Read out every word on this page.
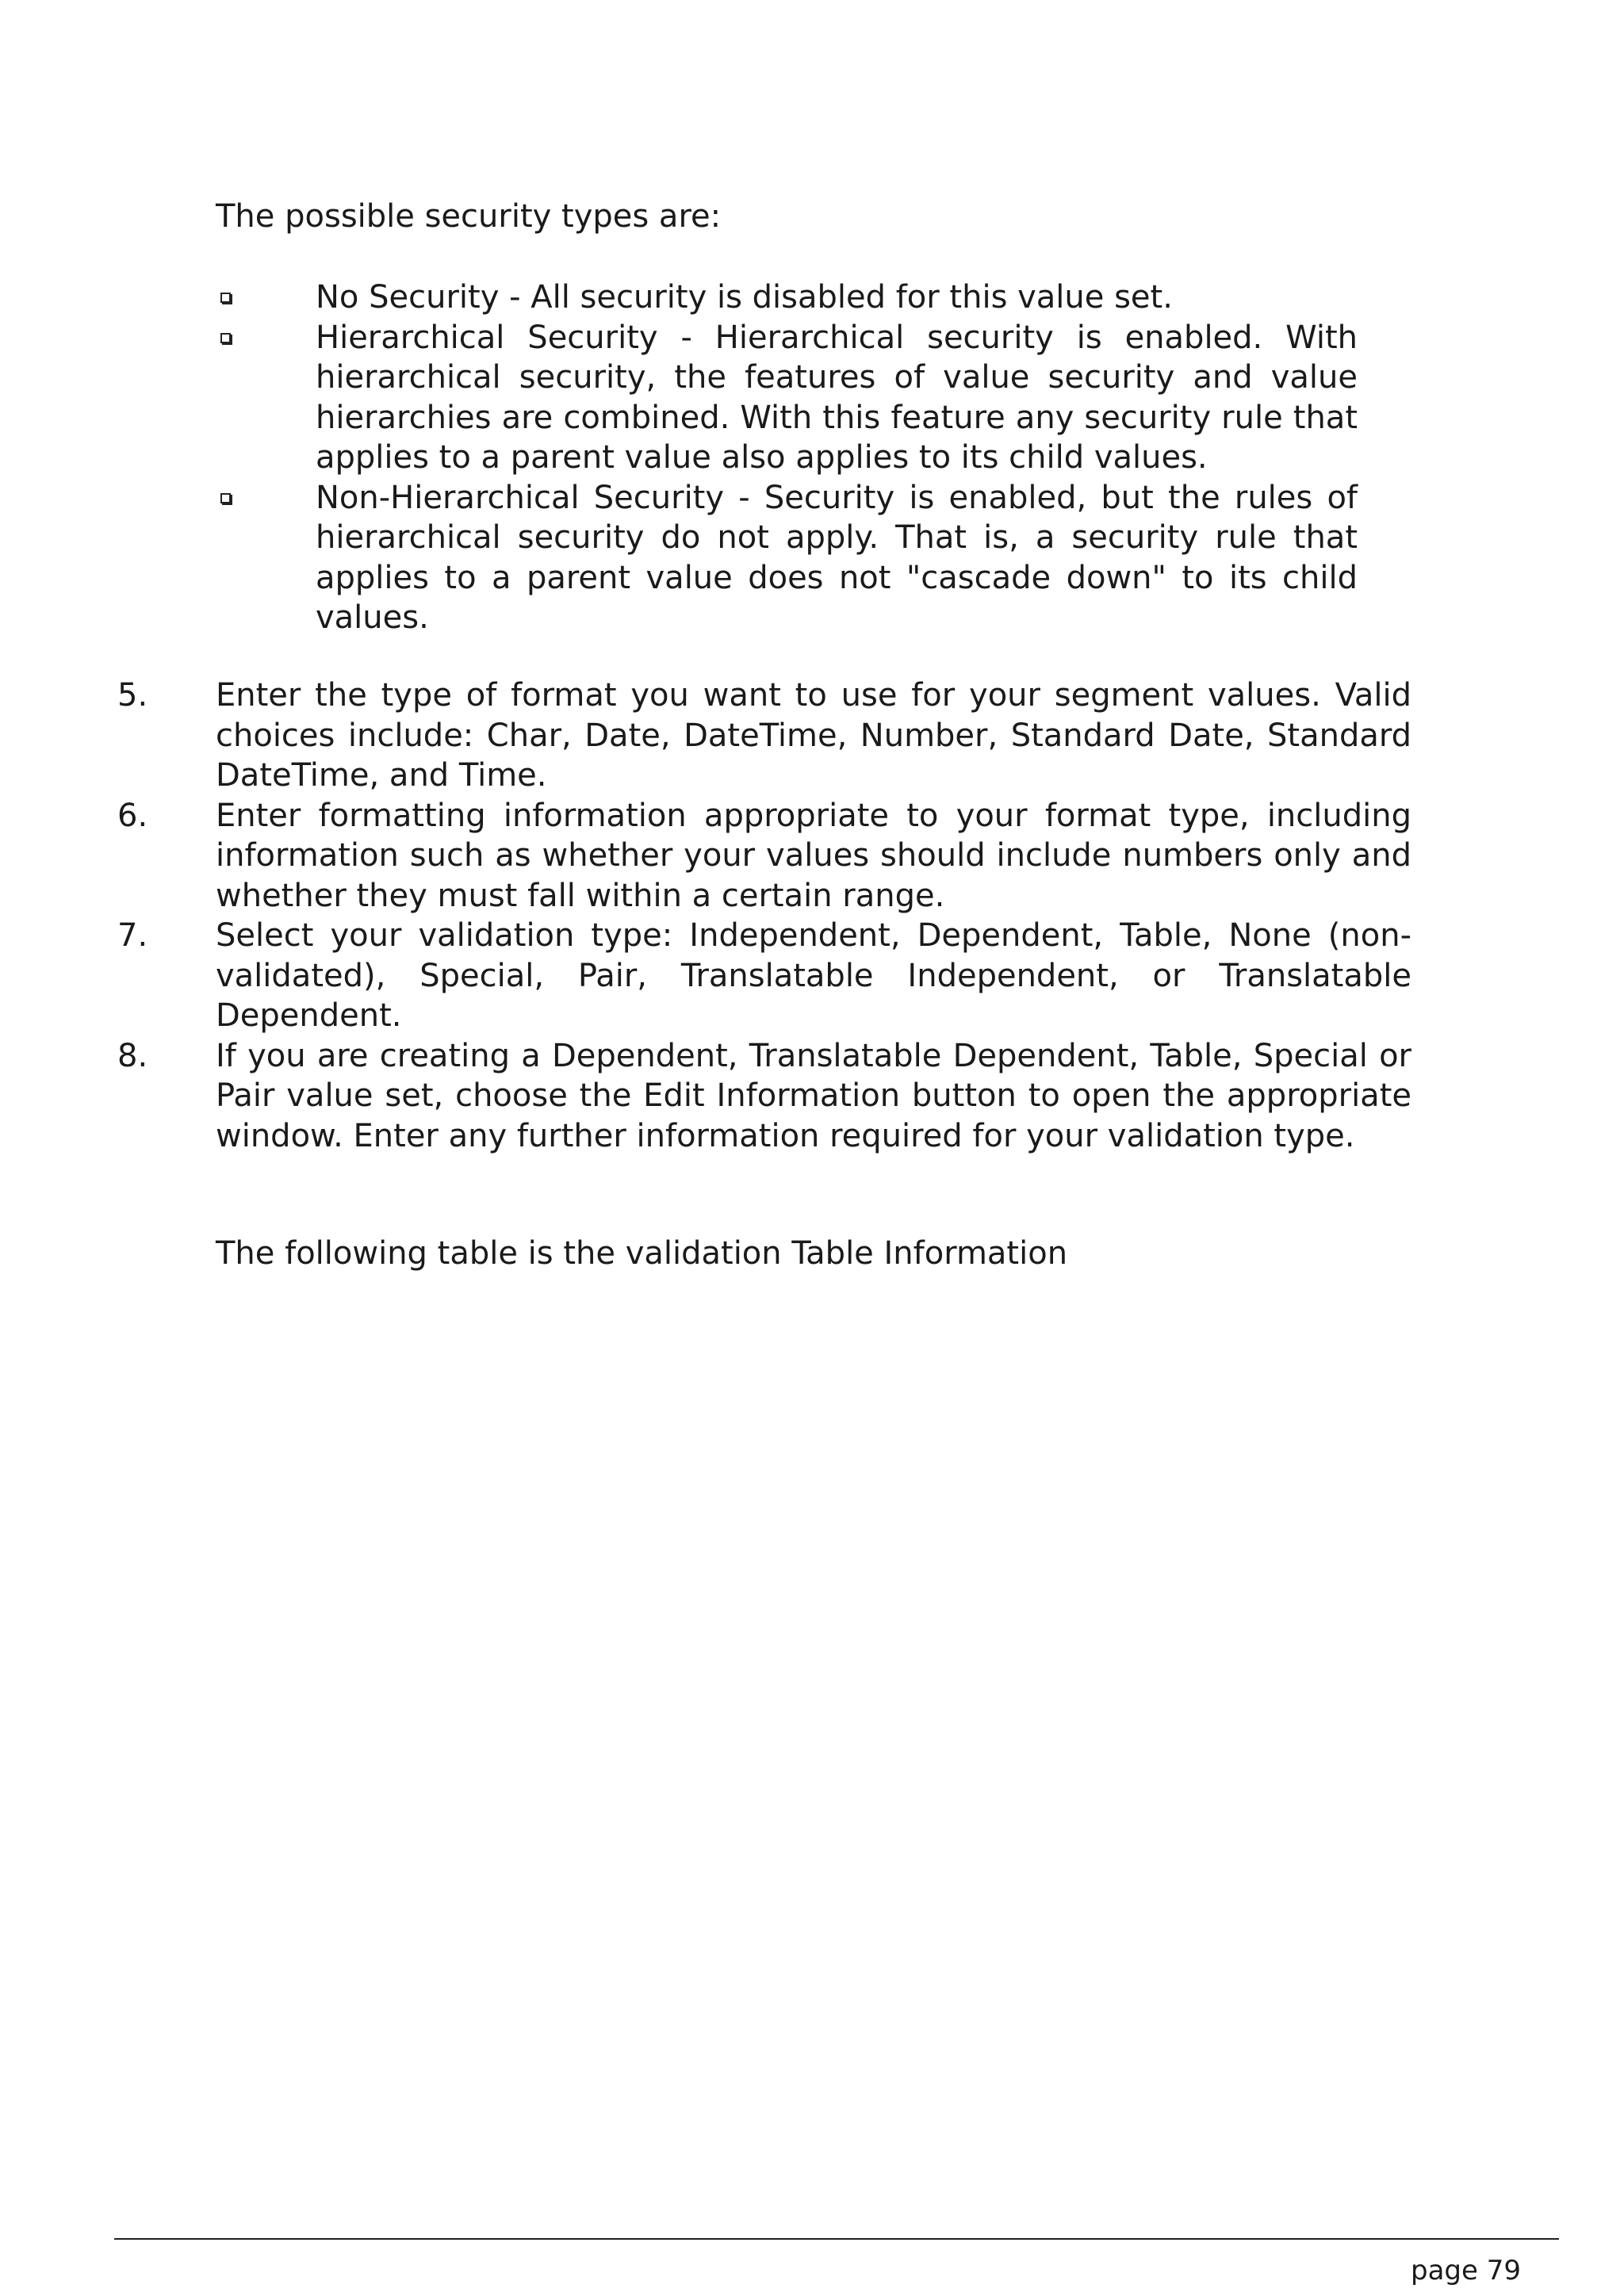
The possible security types are:

No Security - All security is disabled for this value set.
Hierarchical Security - Hierarchical security is enabled. With hierarchical security, the features of value security and value hierarchies are combined. With this feature any security rule that applies to a parent value also applies to its child values.
Non-Hierarchical Security - Security is enabled, but the rules of hierarchical security do not apply. That is, a security rule that applies to a parent value does not "cascade down" to its child values.
5. Enter the type of format you want to use for your segment values. Valid choices include: Char, Date, DateTime, Number, Standard Date, Standard DateTime, and Time.
6. Enter formatting information appropriate to your format type, including information such as whether your values should include numbers only and whether they must fall within a certain range.
7. Select your validation type: Independent, Dependent, Table, None (non-validated), Special, Pair, Translatable Independent, or Translatable Dependent.
8. If you are creating a Dependent, Translatable Dependent, Table, Special or Pair value set, choose the Edit Information button to open the appropriate window. Enter any further information required for your validation type.

The following table is the validation Table Information

page 79
